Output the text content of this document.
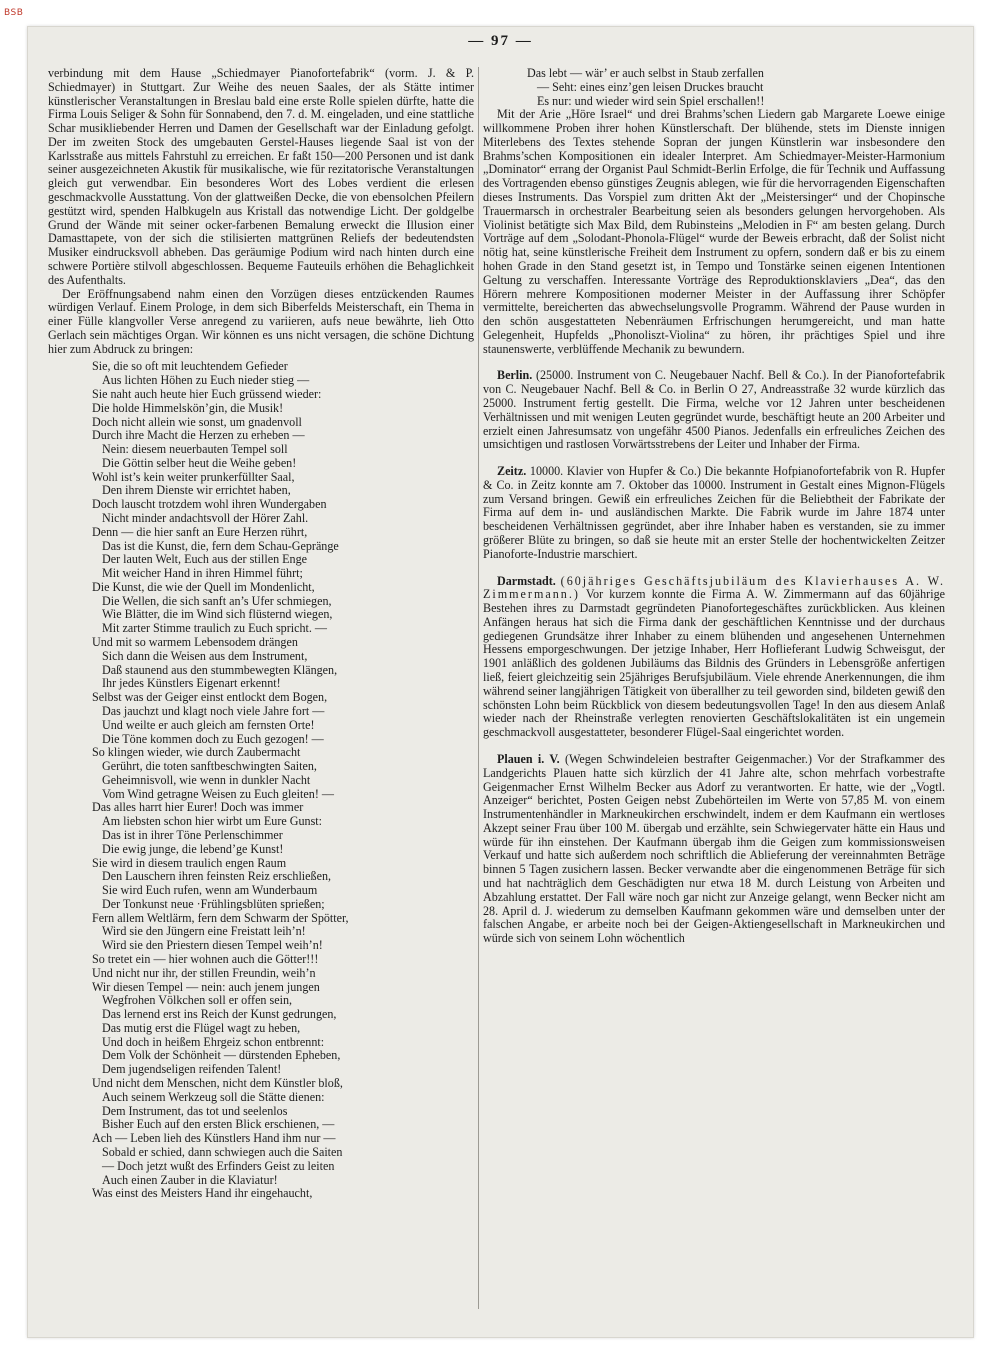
BSB
— 97 —

verbindung mit dem Hause „Schiedmayer Pianofortefabrik“ (vorm. J. & P. Schiedmayer) in Stuttgart. Zur Weihe des neuen Saales, der als Stätte intimer künstlerischer Veranstaltungen in Breslau bald eine erste Rolle spielen dürfte, hatte die Firma Louis Seliger & Sohn für Sonnabend, den 7. d. M. eingeladen, und eine stattliche Schar musikliebender Herren und Damen der Gesellschaft war der Einladung gefolgt. Der im zweiten Stock des umgebauten Gerstel-Hauses liegende Saal ist von der Karlsstraße aus mittels Fahrstuhl zu erreichen. Er faßt 150—200 Personen und ist dank seiner ausgezeichneten Akustik für musikalische, wie für rezitatorische Veranstaltungen gleich gut verwendbar. Ein besonderes Wort des Lobes verdient die erlesen geschmackvolle Ausstattung. Von der glattweißen Decke, die von ebensolchen Pfeilern gestützt wird, spenden Halbkugeln aus Kristall das notwendige Licht. Der goldgelbe Grund der Wände mit seiner ocker-farbenen Bemalung erweckt die Illusion einer Damasttapete, von der sich die stilisierten mattgrünen Reliefs der bedeutendsten Musiker eindrucksvoll abheben. Das geräumige Podium wird nach hinten durch eine schwere Portière stilvoll abgeschlossen. Bequeme Fauteuils erhöhen die Behaglichkeit des Aufenthalts.

Der Eröffnungsabend nahm einen den Vorzügen dieses entzückenden Raumes würdigen Verlauf. Einem Prologe, in dem sich Biberfelds Meisterschaft, ein Thema in einer Fülle klangvoller Verse anregend zu variieren, aufs neue bewährte, lieh Otto Gerlach sein mächtiges Organ. Wir können es uns nicht versagen, die schöne Dichtung hier zum Abdruck zu bringen:

Sie, die so oft mit leuchtendem Gefieder
Aus lichten Höhen zu Euch nieder stieg —
Sie naht auch heute hier Euch grüssend wieder:
Die holde Himmelskön’gin, die Musik!
Doch nicht allein wie sonst, um gnadenvoll
Durch ihre Macht die Herzen zu erheben —
Nein: diesem neuerbauten Tempel soll
Die Göttin selber heut die Weihe geben!
Wohl ist’s kein weiter prunkerfüllter Saal,
Den ihrem Dienste wir errichtet haben,
Doch lauscht trotzdem wohl ihren Wundergaben
Nicht minder andachtsvoll der Hörer Zahl.
Denn — die hier sanft an Eure Herzen rührt,
Das ist die Kunst, die, fern dem Schau-Gepränge
Der lauten Welt, Euch aus der stillen Enge
Mit weicher Hand in ihren Himmel führt;
Die Kunst, die wie der Quell im Mondenlicht,
Die Wellen, die sich sanft an’s Ufer schmiegen,
Wie Blätter, die im Wind sich flüsternd wiegen,
Mit zarter Stimme traulich zu Euch spricht. —
Und mit so warmem Lebensodem drängen
Sich dann die Weisen aus dem Instrument,
Daß staunend aus den stummbewegten Klängen,
Ihr jedes Künstlers Eigenart erkennt!
Selbst was der Geiger einst entlockt dem Bogen,
Das jauchzt und klagt noch viele Jahre fort —
Und weilte er auch gleich am fernsten Orte!
Die Töne kommen doch zu Euch gezogen! —
So klingen wieder, wie durch Zaubermacht
Gerührt, die toten sanftbeschwingten Saiten,
Geheimnisvoll, wie wenn in dunkler Nacht
Vom Wind getragne Weisen zu Euch gleiten! —
Das alles harrt hier Eurer! Doch was immer
Am liebsten schon hier wirbt um Eure Gunst:
Das ist in ihrer Töne Perlenschimmer
Die ewig junge, die lebend’ge Kunst!
Sie wird in diesem traulich engen Raum
Den Lauschern ihren feinsten Reiz erschließen,
Sie wird Euch rufen, wenn am Wunderbaum
Der Tonkunst neue ·Frühlingsblüten sprießen;
Fern allem Weltlärm, fern dem Schwarm der Spötter,
Wird sie den Jüngern eine Freistatt leih’n!
Wird sie den Priestern diesen Tempel weih’n!
So tretet ein — hier wohnen auch die Götter!!!
Und nicht nur ihr, der stillen Freundin, weih’n
Wir diesen Tempel — nein: auch jenem jungen
Wegfrohen Völkchen soll er offen sein,
Das lernend erst ins Reich der Kunst gedrungen,
Das mutig erst die Flügel wagt zu heben,
Und doch in heißem Ehrgeiz schon entbrennt:
Dem Volk der Schönheit — dürstenden Epheben,
Dem jugendseligen reifenden Talent!
Und nicht dem Menschen, nicht dem Künstler bloß,
Auch seinem Werkzeug soll die Stätte dienen:
Dem Instrument, das tot und seelenlos
Bisher Euch auf den ersten Blick erschienen, —
Ach — Leben lieh des Künstlers Hand ihm nur —
Sobald er schied, dann schwiegen auch die Saiten
— Doch jetzt wußt des Erfinders Geist zu leiten
Auch einen Zauber in die Klaviatur!
Was einst des Meisters Hand ihr eingehaucht,
Das lebt — wär’ er auch selbst in Staub zerfallen
— Seht: eines einz’gen leisen Druckes braucht
Es nur: und wieder wird sein Spiel erschallen!!

Mit der Arie „Höre Israel“ und drei Brahms’schen Liedern gab Margarete Loewe einige willkommene Proben ihrer hohen Künstlerschaft. Der blühende, stets im Dienste innigen Miterlebens des Textes stehende Sopran der jungen Künstlerin war insbesondere den Brahms’schen Kompositionen ein idealer Interpret. Am Schiedmayer-Meister-Harmonium „Dominator“ errang der Organist Paul Schmidt-Berlin Erfolge, die für Technik und Auffassung des Vortragenden ebenso günstiges Zeugnis ablegen, wie für die hervorragenden Eigenschaften dieses Instruments. Das Vorspiel zum dritten Akt der „Meistersinger“ und der Chopinsche Trauermarsch in orchestraler Bearbeitung seien als besonders gelungen hervorgehoben. Als Violinist betätigte sich Max Bild, dem Rubinsteins „Melodien in F“ am besten gelang. Durch Vorträge auf dem „Solodant-Phonola-Flügel“ wurde der Beweis erbracht, daß der Solist nicht nötig hat, seine künstlerische Freiheit dem Instrument zu opfern, sondern daß er bis zu einem hohen Grade in den Stand gesetzt ist, in Tempo und Tonstärke seinen eigenen Intentionen Geltung zu verschaffen. Interessante Vorträge des Reproduktionsklaviers „Dea“, das den Hörern mehrere Kompositionen moderner Meister in der Auffassung ihrer Schöpfer vermittelte, bereicherten das abwechselungsvolle Programm. Während der Pause wurden in den schön ausgestatteten Nebenräumen Erfrischungen herumgereicht, und man hatte Gelegenheit, Hupfelds „Phonoliszt-Violina“ zu hören, ihr prächtiges Spiel und ihre staunenswerte, verblüffende Mechanik zu bewundern.

Berlin. (25000. Instrument von C. Neugebauer Nachf. Bell & Co.). In der Pianofortefabrik von C. Neugebauer Nachf. Bell & Co. in Berlin O 27, Andreasstraße 32 wurde kürzlich das 25000. Instrument fertig gestellt. Die Firma, welche vor 12 Jahren unter bescheidenen Verhältnissen und mit wenigen Leuten gegründet wurde, beschäftigt heute an 200 Arbeiter und erzielt einen Jahresumsatz von ungefähr 4500 Pianos. Jedenfalls ein erfreuliches Zeichen des umsichtigen und rastlosen Vorwärtsstrebens der Leiter und Inhaber der Firma.

Zeitz. 10000. Klavier von Hupfer & Co.) Die bekannte Hofpianofortefabrik von R. Hupfer & Co. in Zeitz konnte am 7. Oktober das 10000. Instrument in Gestalt eines Mignon-Flügels zum Versand bringen. Gewiß ein erfreuliches Zeichen für die Beliebtheit der Fabrikate der Firma auf dem in- und ausländischen Markte. Die Fabrik wurde im Jahre 1874 unter bescheidenen Verhältnissen gegründet, aber ihre Inhaber haben es verstanden, sie zu immer größerer Blüte zu bringen, so daß sie heute mit an erster Stelle der hochentwickelten Zeitzer Pianoforte-Industrie marschiert.

Darmstadt. (60jähriges Geschäftsjubiläum des Klavierhauses A. W. Zimmermann.) Vor kurzem konnte die Firma A. W. Zimmermann auf das 60jährige Bestehen ihres zu Darmstadt gegründeten Pianofortegeschäftes zurückblicken. Aus kleinen Anfängen heraus hat sich die Firma dank der geschäftlichen Kenntnisse und der durchaus gediegenen Grundsätze ihrer Inhaber zu einem blühenden und angesehenen Unternehmen Hessens emporgeschwungen. Der jetzige Inhaber, Herr Hoflieferant Ludwig Schweisgut, der 1901 anläßlich des goldenen Jubiläums das Bildnis des Gründers in Lebensgröße anfertigen ließ, feiert gleichzeitig sein 25jähriges Berufsjubiläum. Viele ehrende Anerkennungen, die ihm während seiner langjährigen Tätigkeit von überallher zu teil geworden sind, bildeten gewiß den schönsten Lohn beim Rückblick von diesem bedeutungsvollen Tage! In den aus diesem Anlaß wieder nach der Rheinstraße verlegten renovierten Geschäftslokalitäten ist ein ungemein geschmackvoll ausgestatteter, besonderer Flügel-Saal eingerichtet worden.

Plauen i. V. (Wegen Schwindeleien bestrafter Geigenmacher.) Vor der Strafkammer des Landgerichts Plauen hatte sich kürzlich der 41 Jahre alte, schon mehrfach vorbestrafte Geigenmacher Ernst Wilhelm Becker aus Adorf zu verantworten. Er hatte, wie der „Vogtl. Anzeiger“ berichtet, Posten Geigen nebst Zubehörteilen im Werte von 57,85 M. von einem Instrumentenhändler in Markneukirchen erschwindelt, indem er dem Kaufmann ein wertloses Akzept seiner Frau über 100 M. übergab und erzählte, sein Schwiegervater hätte ein Haus und würde für ihn einstehen. Der Kaufmann übergab ihm die Geigen zum kommissionsweisen Verkauf und hatte sich außerdem noch schriftlich die Ablieferung der vereinnahmten Beträge binnen 5 Tagen zusichern lassen. Becker verwandte aber die eingenommenen Beträge für sich und hat nachträglich dem Geschädigten nur etwa 18 M. durch Leistung von Arbeiten und Abzahlung erstattet. Der Fall wäre noch gar nicht zur Anzeige gelangt, wenn Becker nicht am 28. April d. J. wiederum zu demselben Kaufmann gekommen wäre und demselben unter der falschen Angabe, er arbeite noch bei der Geigen-Aktiengesellschaft in Markneukirchen und würde sich von seinem Lohn wöchentlich
